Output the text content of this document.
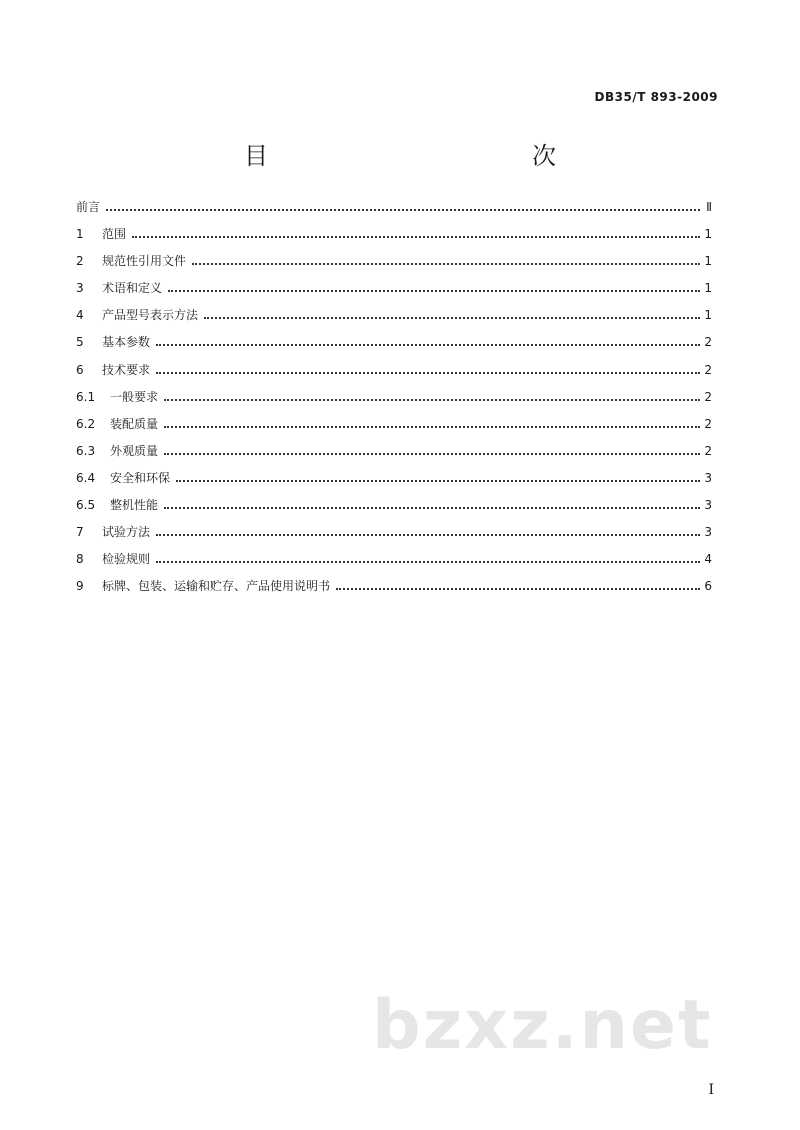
DB35/T 893-2009
目　　次
前言	Ⅱ
1	范围	1
2	规范性引用文件	1
3	术语和定义	1
4	产品型号表示方法	1
5	基本参数	2
6	技术要求	2
6.1 一般要求	2
6.2 装配质量	2
6.3 外观质量	2
6.4 安全和环保	3
6.5 整机性能	3
7	试验方法	3
8	检验规则	4
9	标牌、包装、运输和贮存、产品使用说明书	6
bzxz.net
I
